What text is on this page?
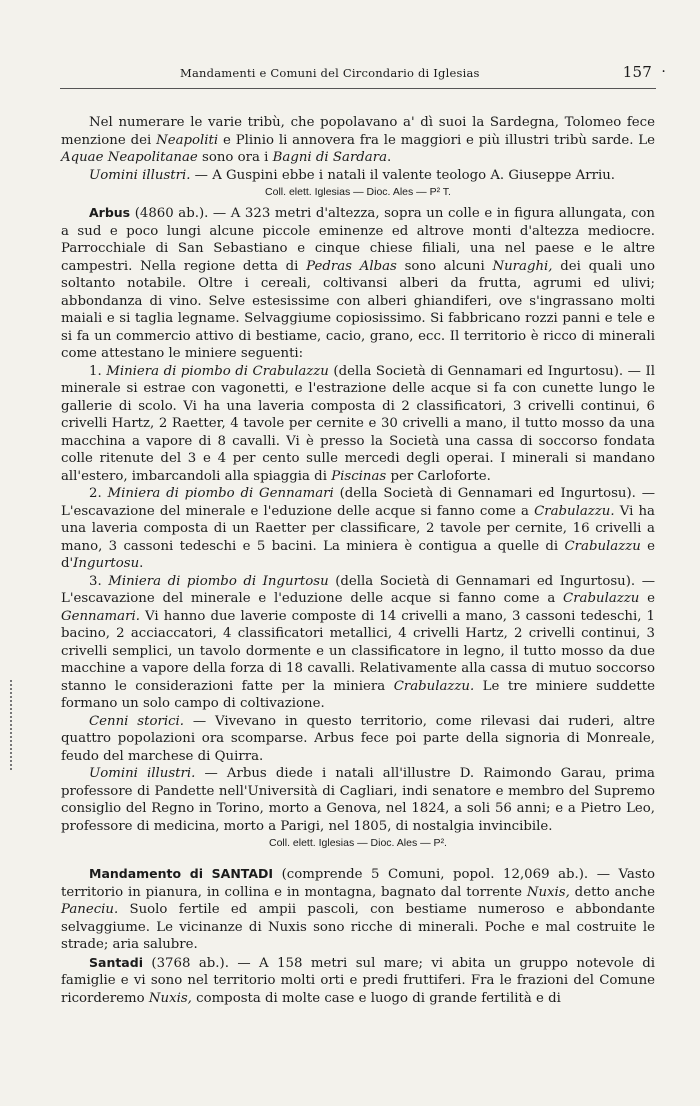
Mandamenti e Comuni del Circondario di Iglesias	157 ·

Nel numerare le varie tribù, che popolavano a' dì suoi la Sardegna, Tolomeo fece menzione dei Neapoliti e Plinio li annovera fra le maggiori e più illustri tribù sarde. Le Aquae Neapolitanae sono ora i Bagni di Sardara.

Uomini illustri. — A Guspini ebbe i natali il valente teologo A. Giuseppe Arriu.

Coll. elett. Iglesias — Dioc. Ales — P² T.

Arbus (4860 ab.). — A 323 metri d'altezza, sopra un colle e in figura allungata, con a sud e poco lungi alcune piccole eminenze ed altrove monti d'altezza mediocre. Parrocchiale di San Sebastiano e cinque chiese filiali, una nel paese e le altre campestri. Nella regione detta di Pedras Albas sono alcuni Nuraghi, dei quali uno soltanto notabile. Oltre i cereali, coltivansi alberi da frutta, agrumi ed ulivi; abbondanza di vino. Selve estesissime con alberi ghiandiferi, ove s'ingrassano molti maiali e si taglia legname. Selvaggiume copiosissimo. Si fabbricano rozzi panni e tele e si fa un commercio attivo di bestiame, cacio, grano, ecc. Il territorio è ricco di minerali come attestano le miniere seguenti:

1. Miniera di piombo di Crabulazzu (della Società di Gennamari ed Ingurtosu). — Il minerale si estrae con vagonetti, e l'estrazione delle acque si fa con cunette lungo le gallerie di scolo. Vi ha una laveria composta di 2 classificatori, 3 crivelli continui, 6 crivelli Hartz, 2 Raetter, 4 tavole per cernite e 30 crivelli a mano, il tutto mosso da una macchina a vapore di 8 cavalli. Vi è presso la Società una cassa di soccorso fondata colle ritenute del 3 e 4 per cento sulle mercedi degli operai. I minerali si mandano all'estero, imbarcandoli alla spiaggia di Piscinas per Carloforte.

2. Miniera di piombo di Gennamari (della Società di Gennamari ed Ingurtosu). — L'escavazione del minerale e l'eduzione delle acque si fanno come a Crabulazzu. Vi ha una laveria composta di un Raetter per classificare, 2 tavole per cernite, 16 crivelli a mano, 3 cassoni tedeschi e 5 bacini. La miniera è contigua a quelle di Crabulazzu e d'Ingurtosu.

3. Miniera di piombo di Ingurtosu (della Società di Gennamari ed Ingurtosu). — L'escavazione del minerale e l'eduzione delle acque si fanno come a Crabulazzu e Gennamari. Vi hanno due laverie composte di 14 crivelli a mano, 3 cassoni tedeschi, 1 bacino, 2 acciaccatori, 4 classificatori metallici, 4 crivelli Hartz, 2 crivelli continui, 3 crivelli semplici, un tavolo dormente e un classificatore in legno, il tutto mosso da due macchine a vapore della forza di 18 cavalli. Relativamente alla cassa di mutuo soccorso stanno le considerazioni fatte per la miniera Crabulazzu. Le tre miniere suddette formano un solo campo di coltivazione.

Cenni storici. — Vivevano in questo territorio, come rilevasi dai ruderi, altre quattro popolazioni ora scomparse. Arbus fece poi parte della signoria di Monreale, feudo del marchese di Quirra.

Uomini illustri. — Arbus diede i natali all'illustre D. Raimondo Garau, prima professore di Pandette nell'Università di Cagliari, indi senatore e membro del Supremo consiglio del Regno in Torino, morto a Genova, nel 1824, a soli 56 anni; e a Pietro Leo, professore di medicina, morto a Parigi, nel 1805, di nostalgia invincibile.

Coll. elett. Iglesias — Dioc. Ales — P².

Mandamento di SANTADI (comprende 5 Comuni, popol. 12,069 ab.). — Vasto territorio in pianura, in collina e in montagna, bagnato dal torrente Nuxis, detto anche Paneciu. Suolo fertile ed ampii pascoli, con bestiame numeroso e abbondante selvaggiume. Le vicinanze di Nuxis sono ricche di minerali. Poche e mal costruite le strade; aria salubre.

Santadi (3768 ab.). — A 158 metri sul mare; vi abita un gruppo notevole di famiglie e vi sono nel territorio molti orti e predi fruttiferi. Fra le frazioni del Comune ricorderemo Nuxis, composta di molte case e luogo di grande fertilità e di
